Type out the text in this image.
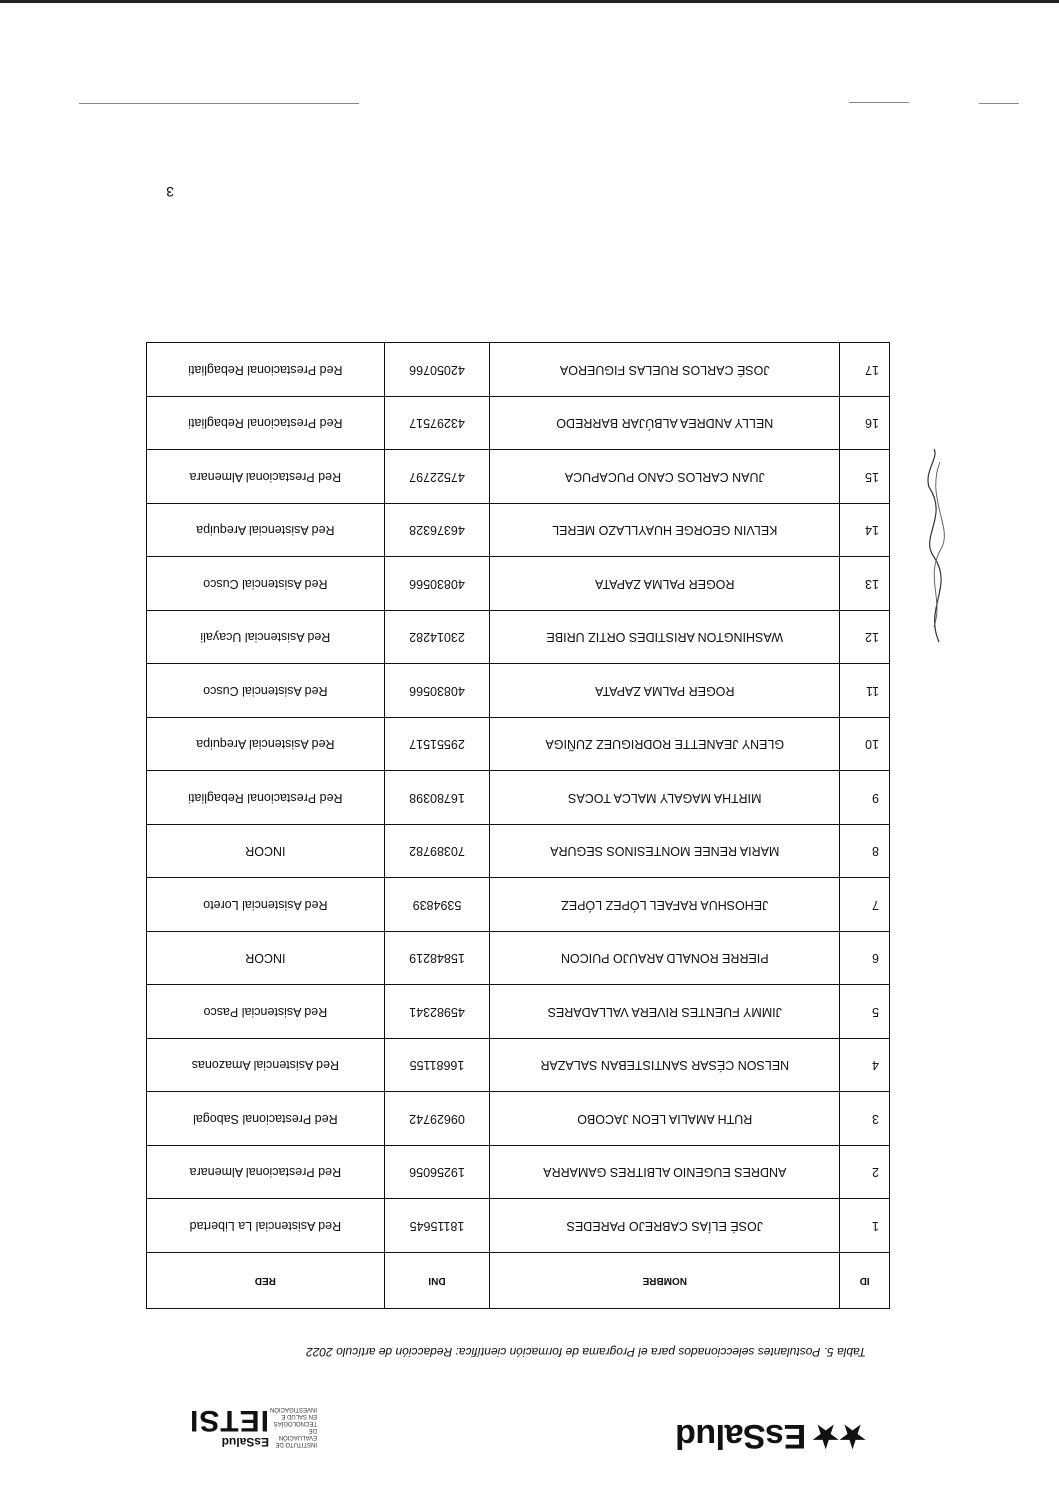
★★
EsSalud
INSTITUTO DE EVALUACIÓN DE TECNOLOGÍAS EN SALUD E INVESTIGACIÓN
EsSalud
IETSI
Tabla 5. Postulantes seleccionados para el Programa de formación científica: Redacción de artículo 2022
ID	NOMBRE	DNI	RED
1	JOSÉ ELÍAS CABREJO PAREDES	18115645	Red Asistencial La Libertad
2	ANDRES EUGENIO ALBITRES GAMARRA	19256056	Red Prestacional Almenara
3	RUTH AMALIA LEON JACOBO	09629742	Red Prestacional Sabogal
4	NELSON CÉSAR SANTISTEBAN SALAZAR	16681155	Red Asistencial Amazonas
5	JIMMY FUENTES RIVERA VALLADARES	45982341	Red Asistencial Pasco
6	PIERRE RONALD ARAUJO PUICON	15848219	INCOR
7	JEHOSHUA RAFAEL LÓPEZ LÓPEZ	5394839	Red Asistencial Loreto
8	MARIA RENEE MONTESINOS SEGURA	70389782	INCOR
9	MIRTHA MAGALY MALCA TOCAS	16780398	Red Prestacional Rebagliati
10	GLENY JEANETTE RODRIGUEZ ZUÑIGA	29551517	Red Asistencial Arequipa
11	ROGER PALMA ZAPATA	40830566	Red Asistencial Cusco
12	WASHINGTON ARISTIDES ORTIZ URIBE	23014282	Red Asistencial Ucayali
13	ROGER PALMA ZAPATA	40830566	Red Asistencial Cusco
14	KELVIN GEORGE HUAYLLAZO MEREL	46376328	Red Asistencial Arequipa
15	JUAN CARLOS CANO PUCAPUCA	47522797	Red Prestacional Almenara
16	NELLY ANDREA ALBÚJAR BARREDO	43297517	Red Prestacional Rebagliati
17	JOSÉ CARLOS RUELAS FIGUEROA	42050766	Red Prestacional Rebagliati
3
